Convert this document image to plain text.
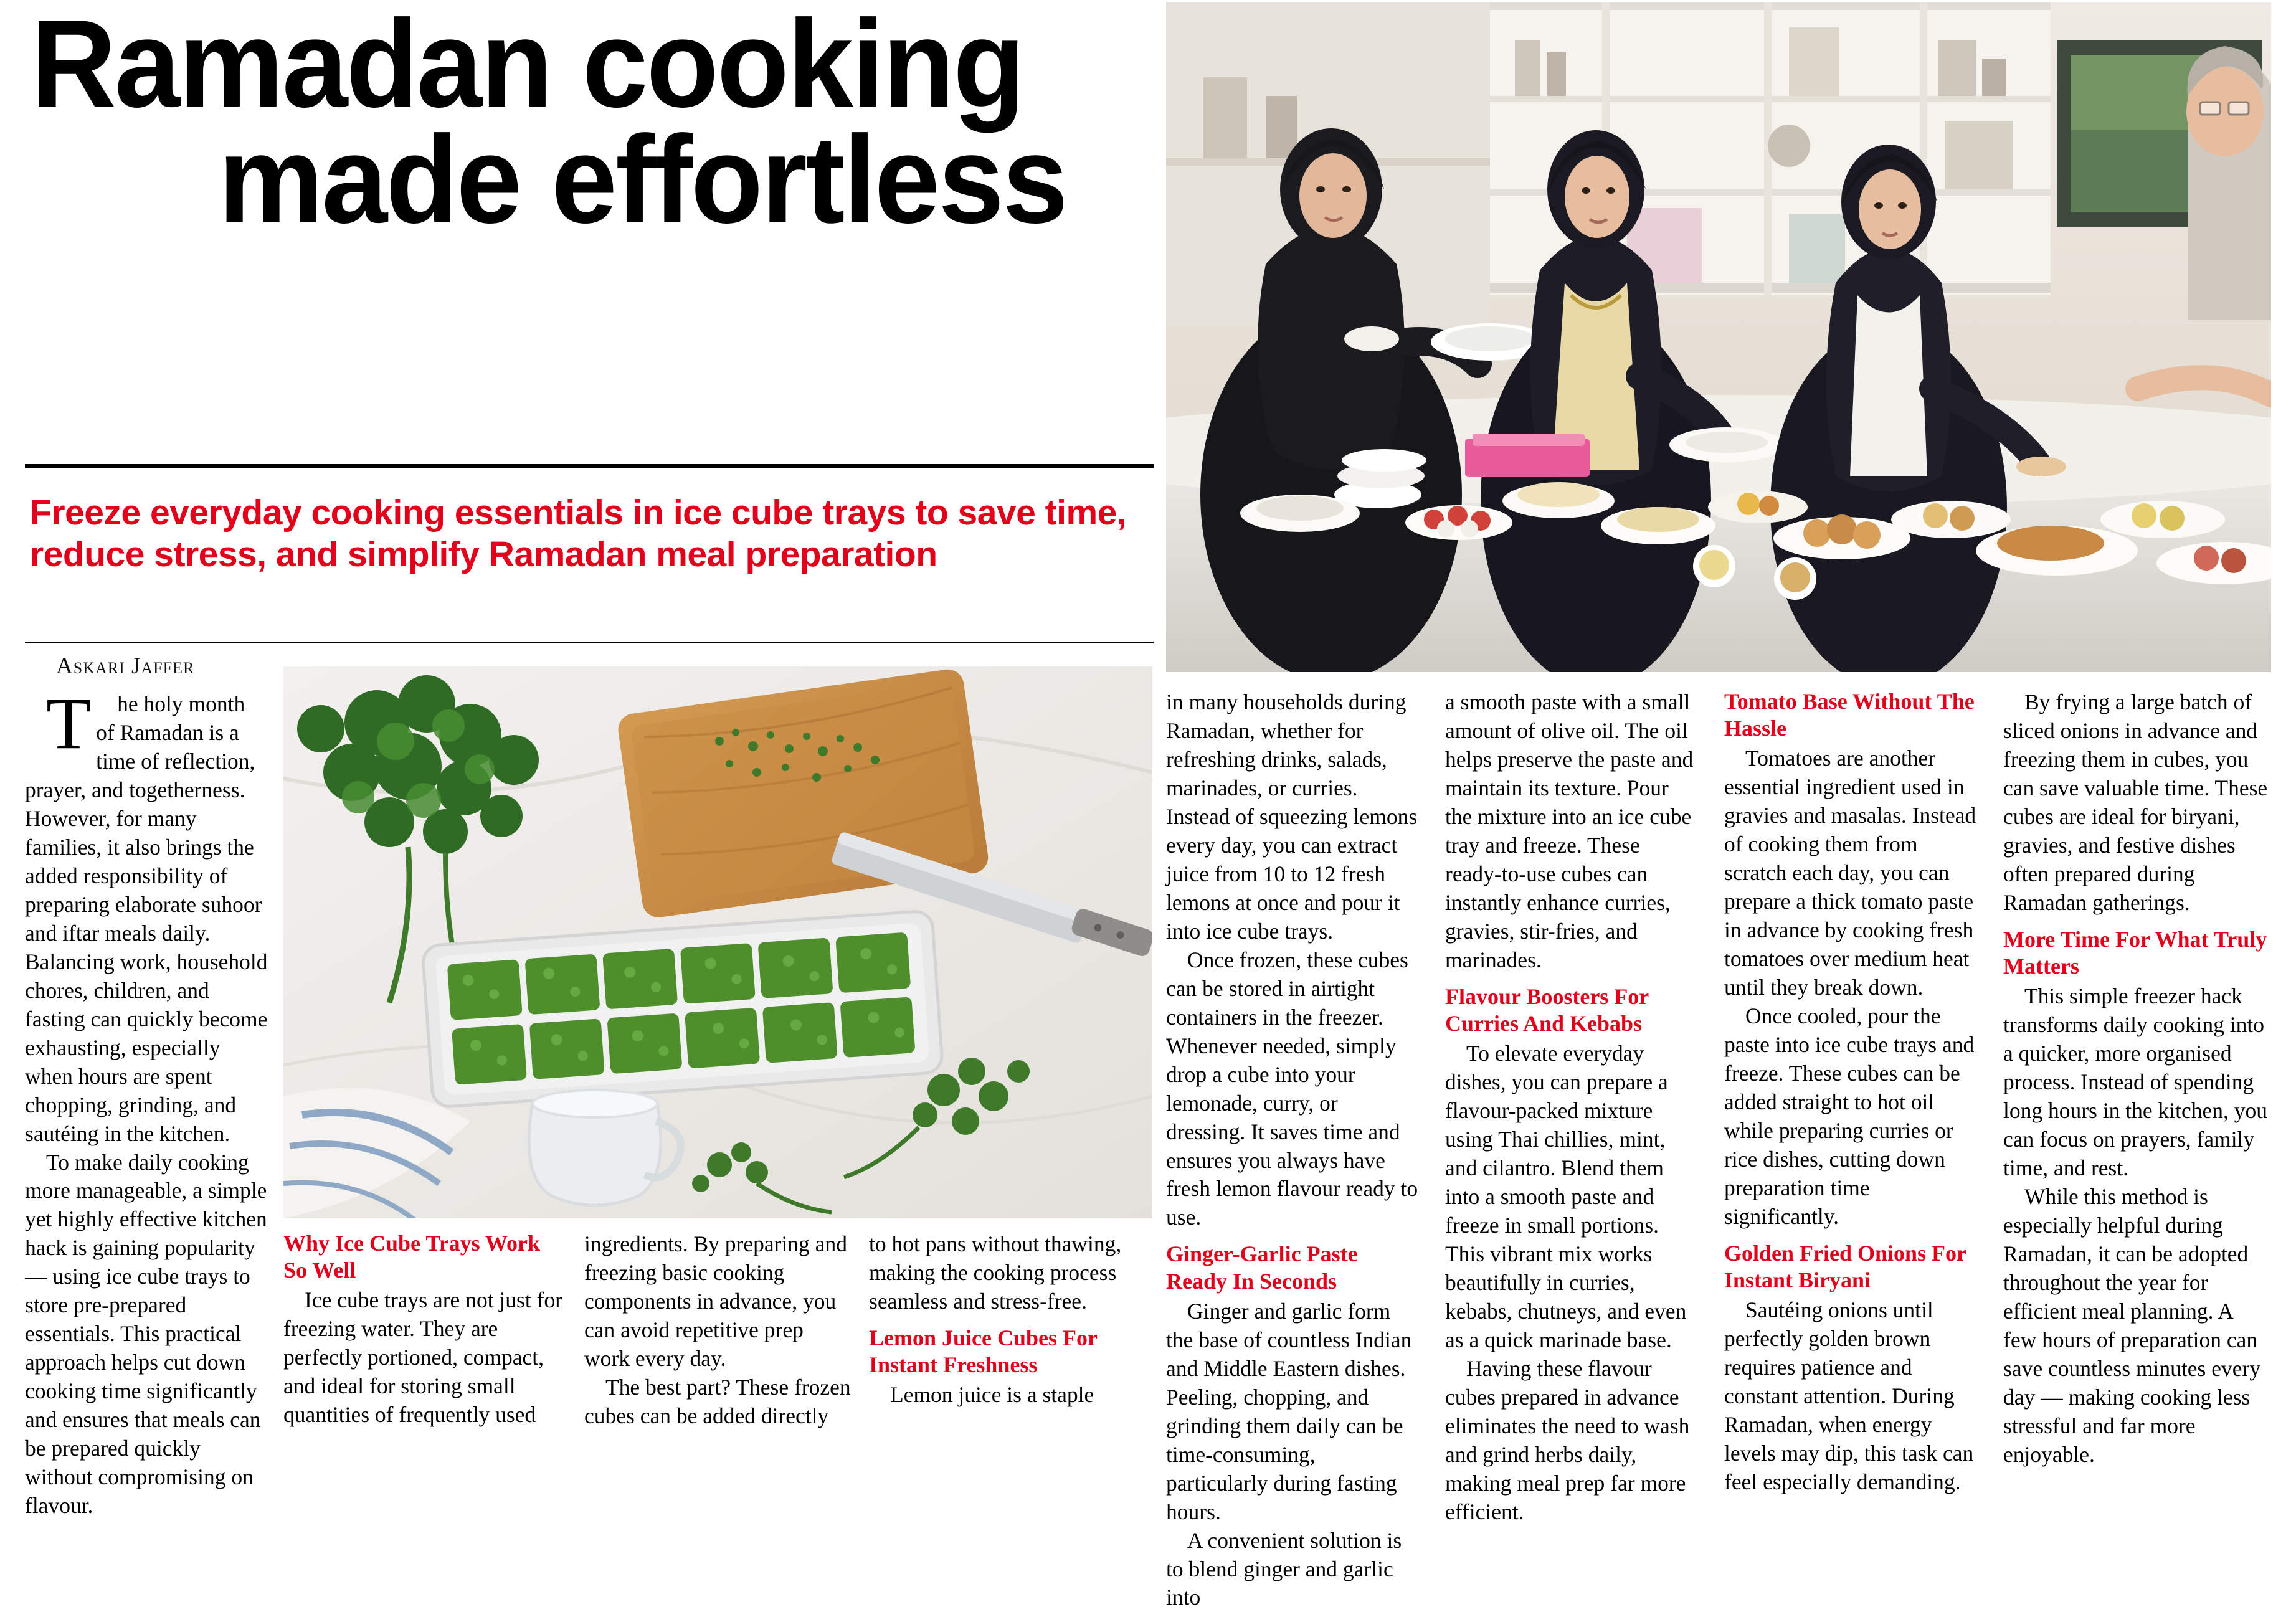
Ramadan cooking
made effortless
Freeze everyday cooking essentials in ice cube trays to save time, reduce stress, and simplify Ramadan meal preparation
Askari Jaffer

T he holy month of Ramadan is a time of reflection, prayer, and togetherness. However, for many families, it also brings the added responsibility of preparing elaborate suhoor and iftar meals daily. Balancing work, household chores, children, and fasting can quickly become exhausting, especially when hours are spent chopping, grinding, and sautéing in the kitchen.

To make daily cooking more manageable, a simple yet highly effective kitchen hack is gaining popularity — using ice cube trays to store pre-prepared essentials. This practical approach helps cut down cooking time significantly and ensures that meals can be prepared quickly without compromising on flavour.

Why Ice Cube Trays Work So Well

Ice cube trays are not just for freezing water. They are perfectly portioned, compact, and ideal for storing small quantities of frequently used

ingredients. By preparing and freezing basic cooking components in advance, you can avoid repetitive prep work every day.

The best part? These frozen cubes can be added directly

to hot pans without thawing, making the cooking process seamless and stress-free.

Lemon Juice Cubes For Instant Freshness

Lemon juice is a staple

in many households during Ramadan, whether for refreshing drinks, salads, marinades, or curries. Instead of squeezing lemons every day, you can extract juice from 10 to 12 fresh lemons at once and pour it into ice cube trays.

Once frozen, these cubes can be stored in airtight containers in the freezer. Whenever needed, simply drop a cube into your lemonade, curry, or dressing. It saves time and ensures you always have fresh lemon flavour ready to use.

Ginger-Garlic Paste Ready In Seconds

Ginger and garlic form the base of countless Indian and Middle Eastern dishes. Peeling, chopping, and grinding them daily can be time-consuming, particularly during fasting hours.

A convenient solution is to blend ginger and garlic into

a smooth paste with a small amount of olive oil. The oil helps preserve the paste and maintain its texture. Pour the mixture into an ice cube tray and freeze. These ready-to-use cubes can instantly enhance curries, gravies, stir-fries, and marinades.

Flavour Boosters For Curries And Kebabs

To elevate everyday dishes, you can prepare a flavour-packed mixture using Thai chillies, mint, and cilantro. Blend them into a smooth paste and freeze in small portions. This vibrant mix works beautifully in curries, kebabs, chutneys, and even as a quick marinade base.

Having these flavour cubes prepared in advance eliminates the need to wash and grind herbs daily, making meal prep far more efficient.

Tomato Base Without The Hassle

Tomatoes are another essential ingredient used in gravies and masalas. Instead of cooking them from scratch each day, you can prepare a thick tomato paste in advance by cooking fresh tomatoes over medium heat until they break down.

Once cooled, pour the paste into ice cube trays and freeze. These cubes can be added straight to hot oil while preparing curries or rice dishes, cutting down preparation time significantly.

Golden Fried Onions For Instant Biryani

Sautéing onions until perfectly golden brown requires patience and constant attention. During Ramadan, when energy levels may dip, this task can feel especially demanding.

By frying a large batch of sliced onions in advance and freezing them in cubes, you can save valuable time. These cubes are ideal for biryani, gravies, and festive dishes often prepared during Ramadan gatherings.

More Time For What Truly Matters

This simple freezer hack transforms daily cooking into a quicker, more organised process. Instead of spending long hours in the kitchen, you can focus on prayers, family time, and rest.

While this method is especially helpful during Ramadan, it can be adopted throughout the year for efficient meal planning. A few hours of preparation can save countless minutes every day — making cooking less stressful and far more enjoyable.
